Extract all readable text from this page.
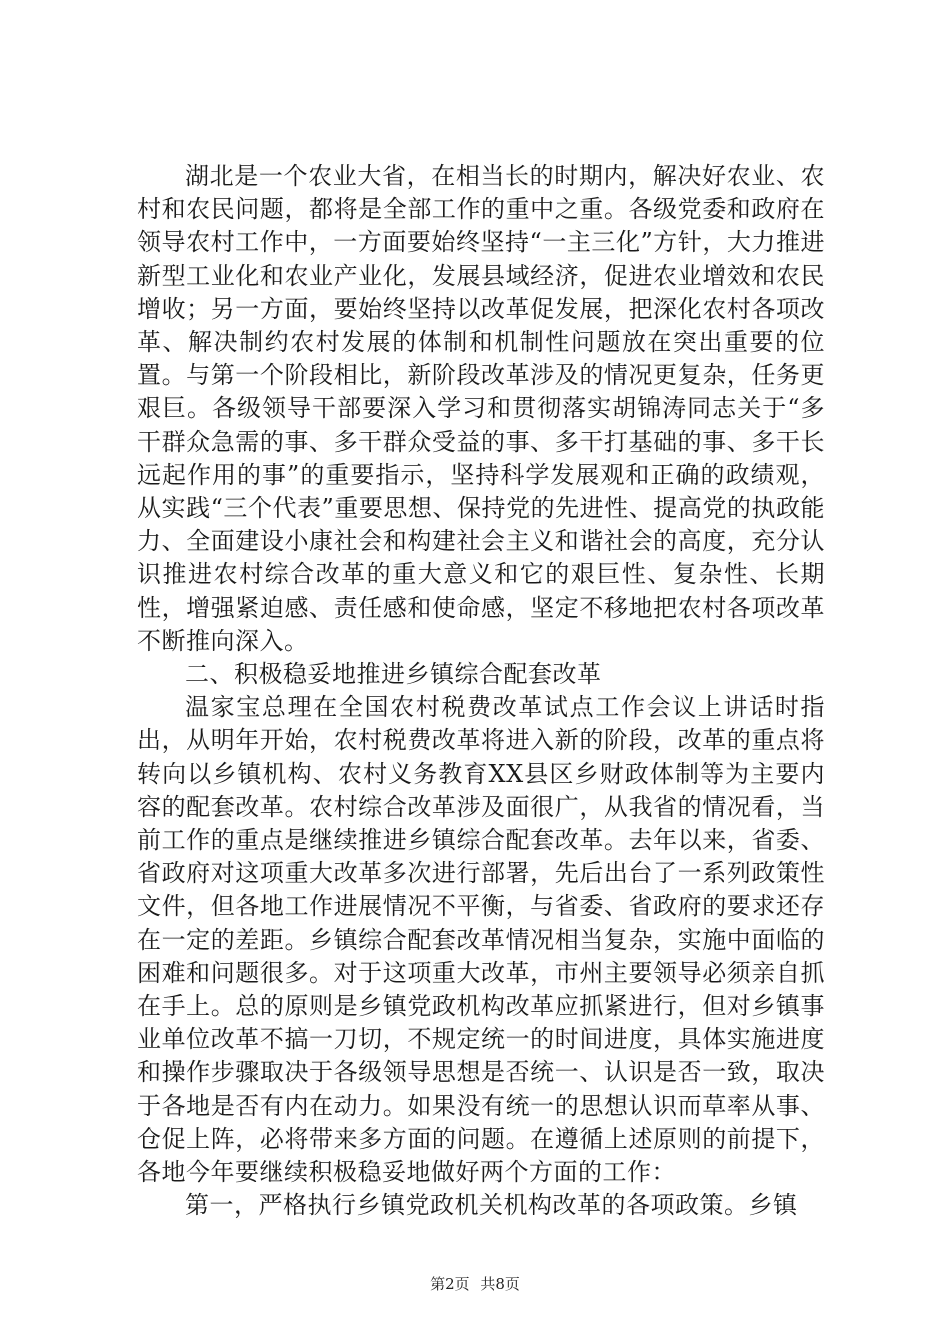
湖北是一个农业大省，在相当长的时期内，解决好农业、农村和农民问题，都将是全部工作的重中之重。各级党委和政府在领导农村工作中，一方面要始终坚持“一主三化”方针，大力推进新型工业化和农业产业化，发展县域经济，促进农业增效和农民增收；另一方面，要始终坚持以改革促发展，把深化农村各项改革、解决制约农村发展的体制和机制性问题放在突出重要的位置。与第一个阶段相比，新阶段改革涉及的情况更复杂，任务更艰巨。各级领导干部要深入学习和贯彻落实胡锦涛同志关于“多干群众急需的事、多干群众受益的事、多干打基础的事、多干长远起作用的事”的重要指示，坚持科学发展观和正确的政绩观，从实践“三个代表”重要思想、保持党的先进性、提高党的执政能力、全面建设小康社会和构建社会主义和谐社会的高度，充分认识推进农村综合改革的重大意义和它的艰巨性、复杂性、长期性，增强紧迫感、责任感和使命感，坚定不移地把农村各项改革不断推向深入。

二、积极稳妥地推进乡镇综合配套改革

温家宝总理在全国农村税费改革试点工作会议上讲话时指出，从明年开始，农村税费改革将进入新的阶段，改革的重点将转向以乡镇机构、农村义务教育XX县区乡财政体制等为主要内容的配套改革。农村综合改革涉及面很广，从我省的情况看，当前工作的重点是继续推进乡镇综合配套改革。去年以来，省委、省政府对这项重大改革多次进行部署，先后出台了一系列政策性文件，但各地工作进展情况不平衡，与省委、省政府的要求还存在一定的差距。乡镇综合配套改革情况相当复杂，实施中面临的困难和问题很多。对于这项重大改革，市州主要领导必须亲自抓在手上。总的原则是乡镇党政机构改革应抓紧进行，但对乡镇事业单位改革不搞一刀切，不规定统一的时间进度，具体实施进度和操作步骤取决于各级领导思想是否统一、认识是否一致，取决于各地是否有内在动力。如果没有统一的思想认识而草率从事、仓促上阵，必将带来多方面的问题。在遵循上述原则的前提下，各地今年要继续积极稳妥地做好两个方面的工作：

第一，严格执行乡镇党政机关机构改革的各项政策。乡镇

第2页 共8页
